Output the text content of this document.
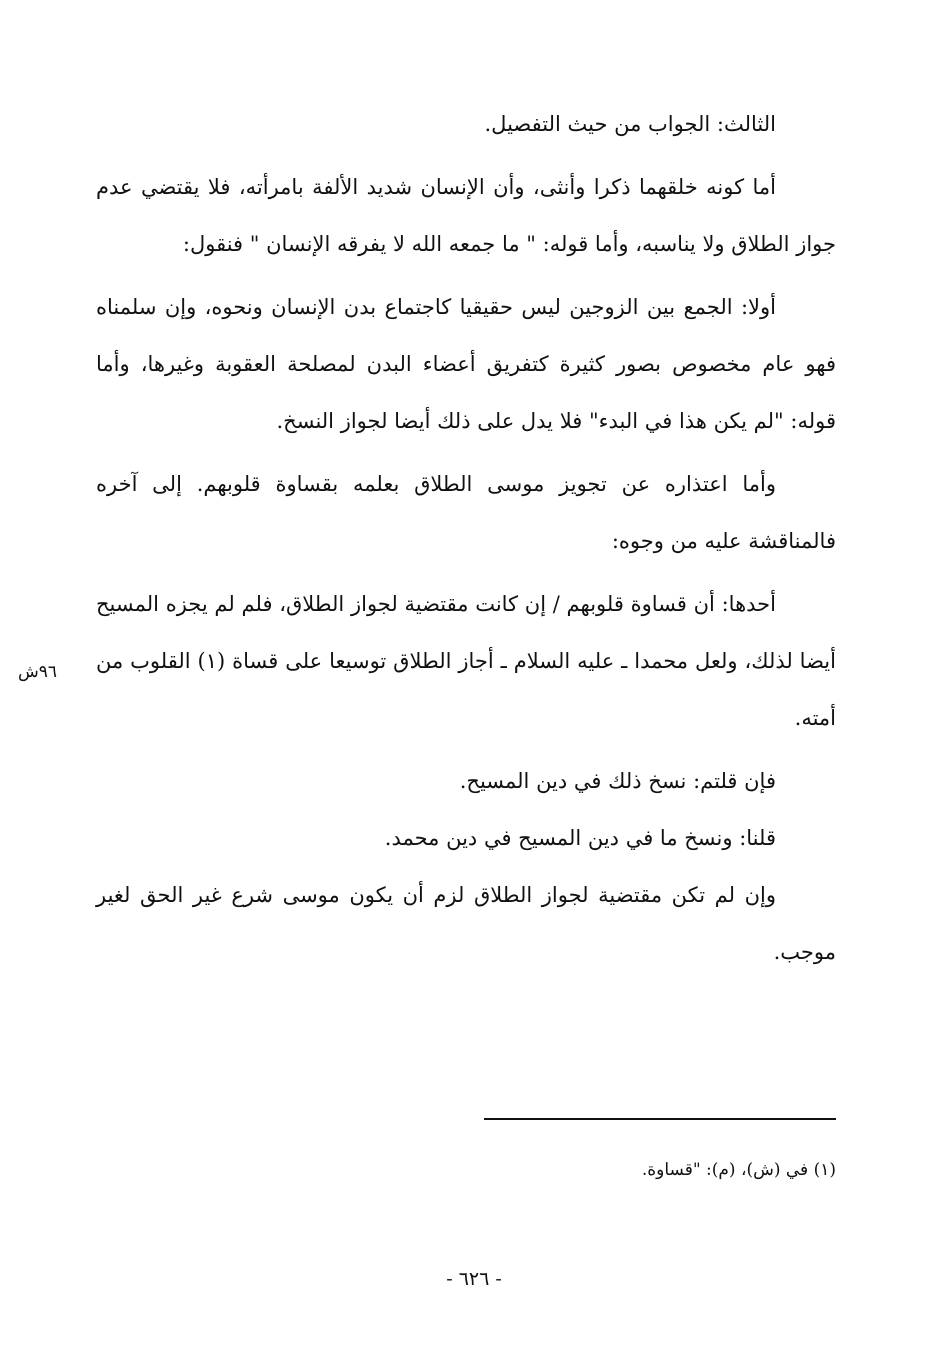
الثالث: الجواب من حيث التفصيل.

أما كونه خلقهما ذكرا وأنثى، وأن الإنسان شديد الألفة بامرأته، فلا يقتضي عدم جواز الطلاق ولا يناسبه، وأما قوله: " ما جمعه الله لا يفرقه الإنسان " فنقول:

أولا: الجمع بين الزوجين ليس حقيقيا كاجتماع بدن الإنسان ونحوه، وإن سلمناه فهو عام مخصوص بصور كثيرة كتفريق أعضاء البدن لمصلحة العقوبة وغيرها، وأما قوله: "لم يكن هذا في البدء" فلا يدل على ذلك أيضا لجواز النسخ.

وأما اعتذاره عن تجويز موسى الطلاق بعلمه بقساوة قلوبهم. إلى آخره فالمناقشة عليه من وجوه:

أحدها: أن قساوة قلوبهم / إن كانت مقتضية لجواز الطلاق، فلم لم يجزه المسيح أيضا لذلك، ولعل محمدا ـ عليه السلام ـ أجاز الطلاق توسيعا على قساة (١) القلوب من أمته.

فإن قلتم: نسخ ذلك في دين المسيح.

قلنا: ونسخ ما في دين المسيح في دين محمد.

وإن لم تكن مقتضية لجواز الطلاق لزم أن يكون موسى شرع غير الحق لغير موجب.

٩٦ش
(١) في (ش)، (م): "قساوة.
- ٦٢٦ -
